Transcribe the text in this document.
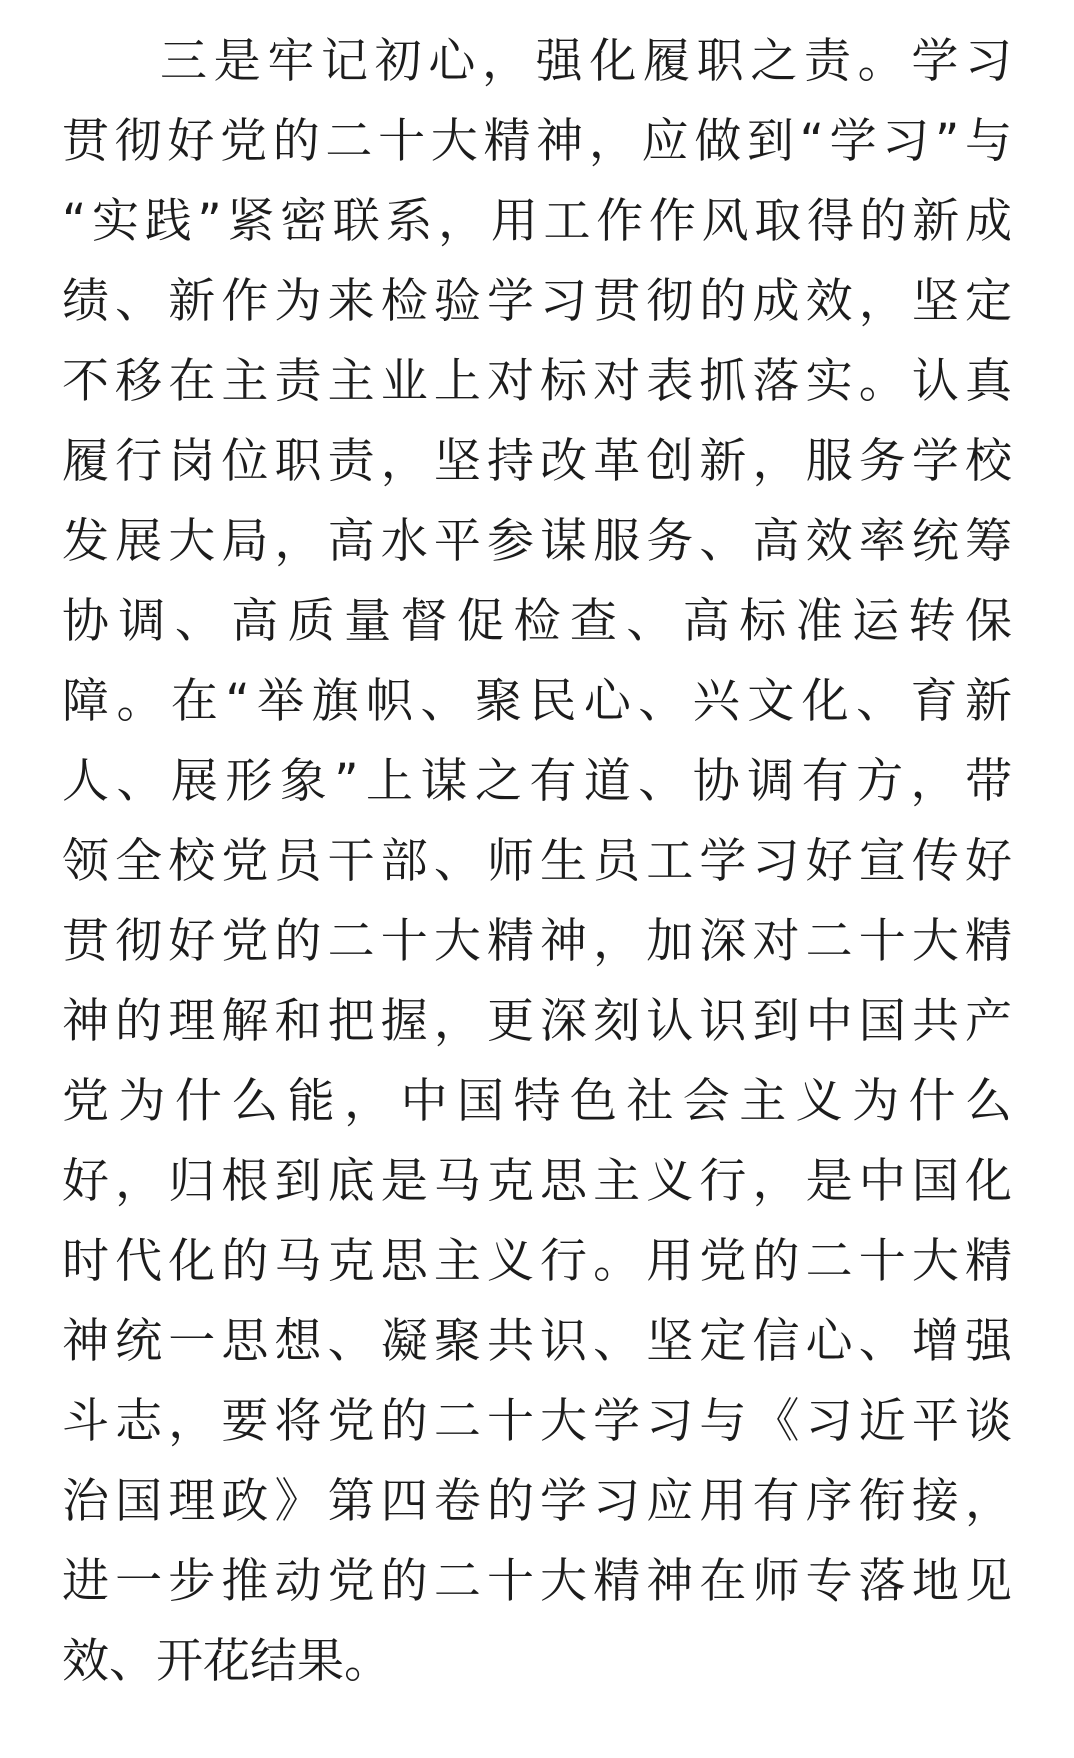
三是牢记初心，强化履职之责。学习
贯彻好党的二十大精神，应做到“学习”与
“实践”紧密联系，用工作作风取得的新成
绩、新作为来检验学习贯彻的成效，坚定
不移在主责主业上对标对表抓落实。认真
履行岗位职责，坚持改革创新，服务学校
发展大局，高水平参谋服务、高效率统筹
协调、高质量督促检查、高标准运转保
障。在“举旗帜、聚民心、兴文化、育新
人、展形象”上谋之有道、协调有方，带
领全校党员干部、师生员工学习好宣传好
贯彻好党的二十大精神，加深对二十大精
神的理解和把握，更深刻认识到中国共产
党为什么能，中国特色社会主义为什么
好，归根到底是马克思主义行，是中国化
时代化的马克思主义行。用党的二十大精
神统一思想、凝聚共识、坚定信心、增强
斗志，要将党的二十大学习与《习近平谈
治国理政》第四卷的学习应用有序衔接，
进一步推动党的二十大精神在师专落地见
效、开花结果。
